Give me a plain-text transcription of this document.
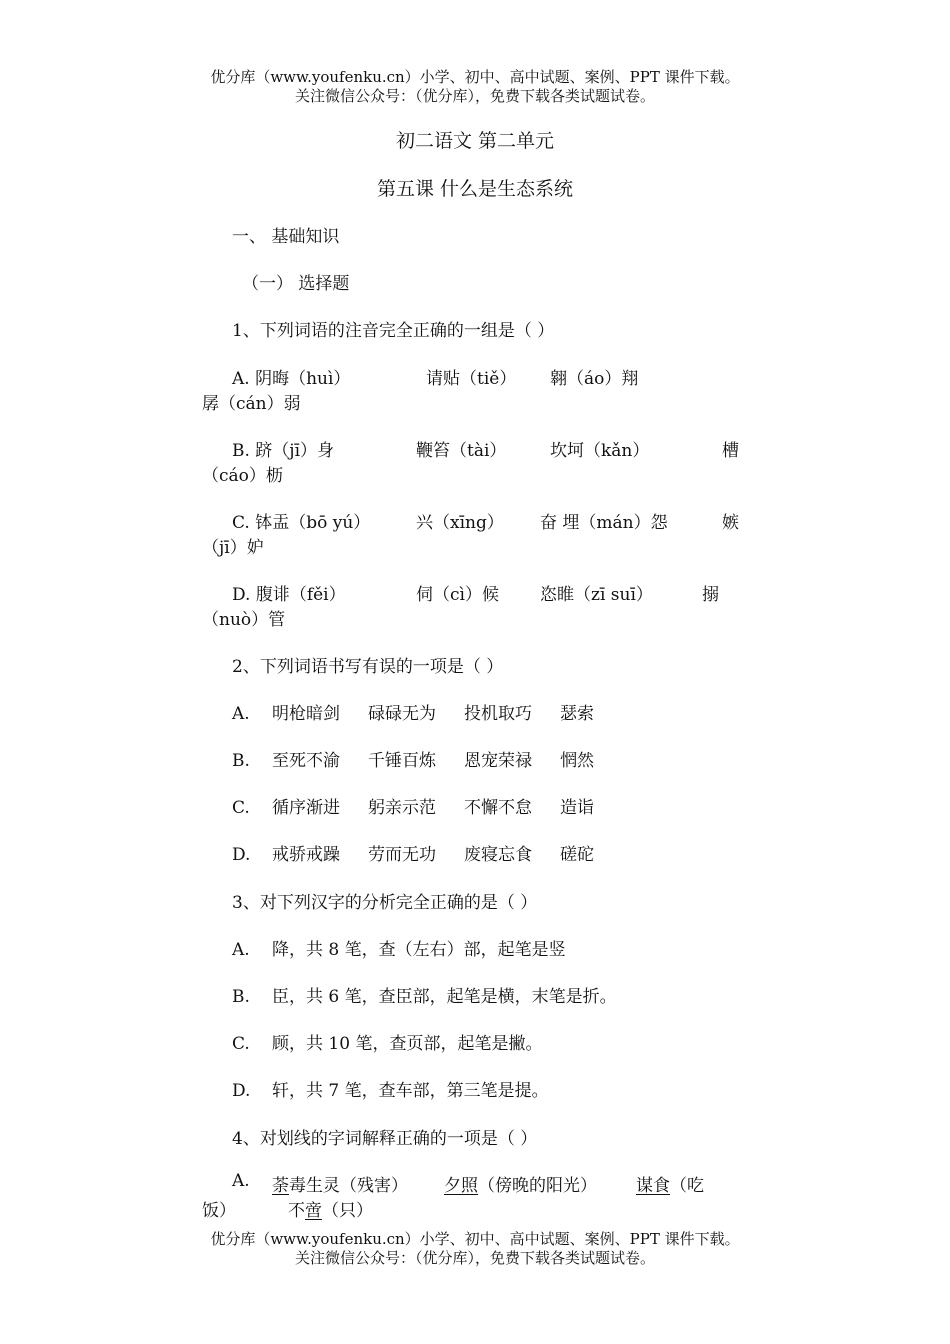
优分库（www.youfenku.cn）小学、初中、高中试题、案例、PPT 课件下载。
关注微信公众号：（优分库），免费下载各类试题试卷。
初二语文 第二单元
第五课 什么是生态系统
一、 基础知识
（一） 选择题
1、下列词语的注音完全正确的一组是（ ）
A. 阴晦（huì）	请贴（tiě） 翱（áo）翔
孱（cán）弱
B. 跻（jī）身	鞭笞（tài）	坎坷（kǎn）	槽
（cáo）枥
C. 钵盂（bō yú）	兴（xīng） 奋 埋（mán）怨	嫉
（jī）妒
D. 腹诽（fěi）	伺（cì）候 恣睢（zī suī）	搦
（nuò）管
2、下列词语书写有误的一项是（ ）
A. 明枪暗剑 碌碌无为 投机取巧 瑟索
B. 至死不渝 千锤百炼 恩宠荣禄 惘然
C. 循序渐进 躬亲示范 不懈不怠 造诣
D. 戒骄戒躁 劳而无功 废寝忘食 磋砣
3、对下列汉字的分析完全正确的是（ ）
A. 降，共 8 笔，查（左右）部，起笔是竖
B. 臣，共 6 笔，查臣部，起笔是横，末笔是折。
C. 顾，共 10 笔，查页部，起笔是撇。
D. 轩，共 7 笔，查车部，第三笔是提。
4、对划线的字词解释正确的一项是（ ）
A. 荼毒生灵（残害） 夕照（傍晚的阳光） 谋食（吃
饭）	不啻（只）
优分库（www.youfenku.cn）小学、初中、高中试题、案例、PPT 课件下载。
关注微信公众号：（优分库），免费下载各类试题试卷。
